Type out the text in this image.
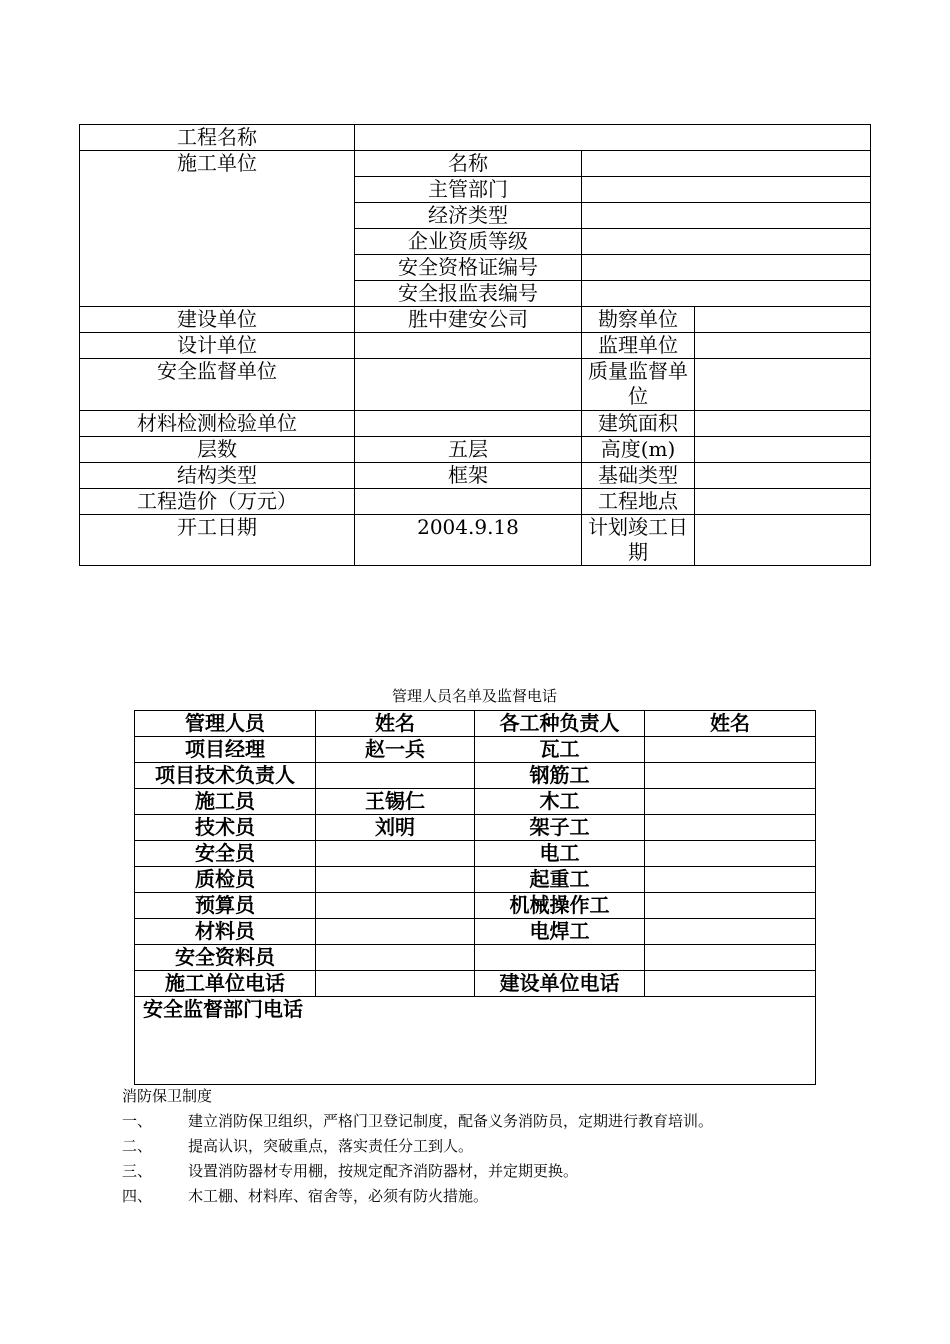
工程名称			
施工单位	名称		
	主管部门		
	经济类型		
	企业资质等级		
	安全资格证编号		
	安全报监表编号		
建设单位	胜中建安公司	勘察单位	
设计单位		监理单位	
安全监督单位		质量监督单位	
材料检测检验单位		建筑面积	
层数	五层	高度(m)	
结构类型	框架	基础类型	
工程造价（万元）		工程地点	
开工日期	2004.9.18	计划竣工日期	
管理人员名单及监督电话
管理人员	姓名	各工种负责人	姓名
项目经理	赵一兵	瓦工	
项目技术负责人		钢筋工	
施工员	王锡仁	木工	
技术员	刘明	架子工	
安全员		电工	
质检员		起重工	
预算员		机械操作工	
材料员		电焊工	
安全资料员			
施工单位电话		建设单位电话	
安全监督部门电话			
消防保卫制度
一、	建立消防保卫组织，严格门卫登记制度，配备义务消防员，定期进行教育培训。
二、	提高认识，突破重点，落实责任分工到人。
三、	设置消防器材专用棚，按规定配齐消防器材，并定期更换。
四、	木工棚、材料库、宿舍等，必须有防火措施。
